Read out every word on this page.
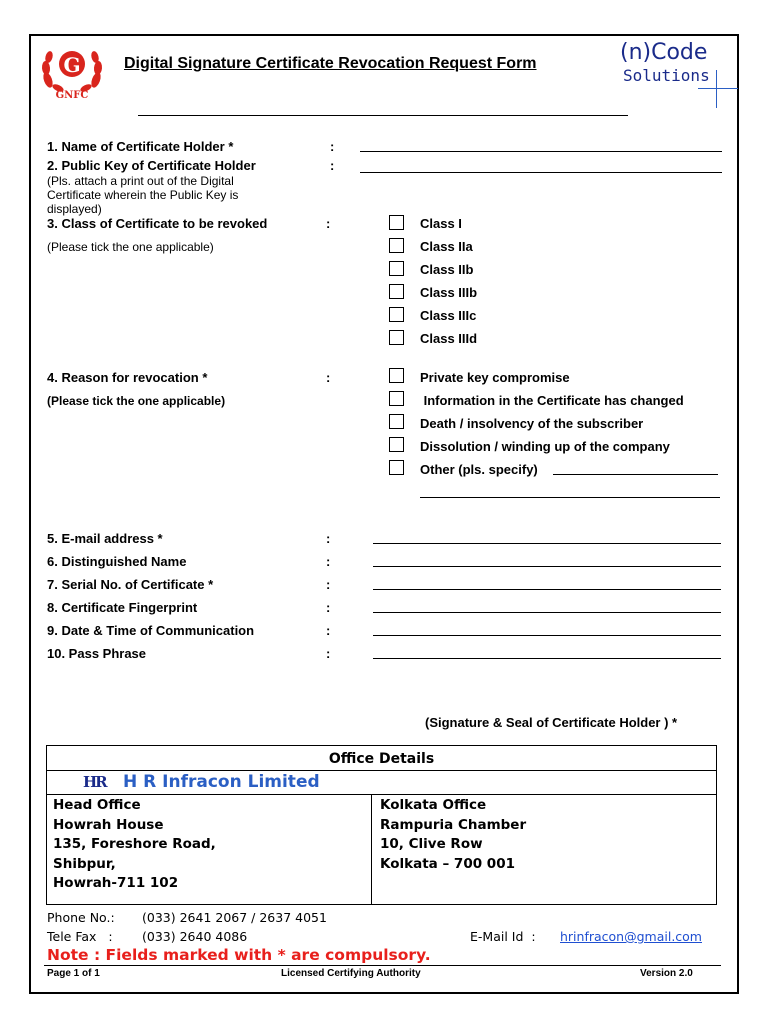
G
GNFC
Digital Signature Certificate Revocation Request Form	(n)Code
Solutions
1. Name of Certificate Holder *	:
2. Public Key of Certificate Holder	:
(Pls. attach a print out of the Digital
Certificate wherein the Public Key is
displayed)
3. Class of Certificate to be revoked	:
(Please tick the one applicable)
Class I
Class IIa
Class IIb
Class IIIb
Class IIIc
Class IIId
4. Reason for revocation *	:
(Please tick the one applicable)
Private key compromise
Information in the Certificate has changed
Death / insolvency of the subscriber
Dissolution / winding up of the company
Other (pls. specify)
5. E-mail address *	:
6. Distinguished Name	:
7. Serial No. of Certificate *	:
8. Certificate Fingerprint	:
9. Date & Time of Communication	:
10. Pass Phrase	:
(Signature & Seal of Certificate Holder ) *
Office Details
HR H R Infracon Limited
Head Office
Howrah House
135, Foreshore Road,
Shibpur,
Howrah-711 102
Kolkata Office
Rampuria Chamber
10, Clive Row
Kolkata – 700 001
Phone No.: (033) 2641 2067 / 2637 4051
Tele Fax   : (033) 2640 4086	E-Mail Id  : hrinfracon@gmail.com
Note : Fields marked with * are compulsory.
Page 1 of 1	Licensed Certifying Authority	Version 2.0
